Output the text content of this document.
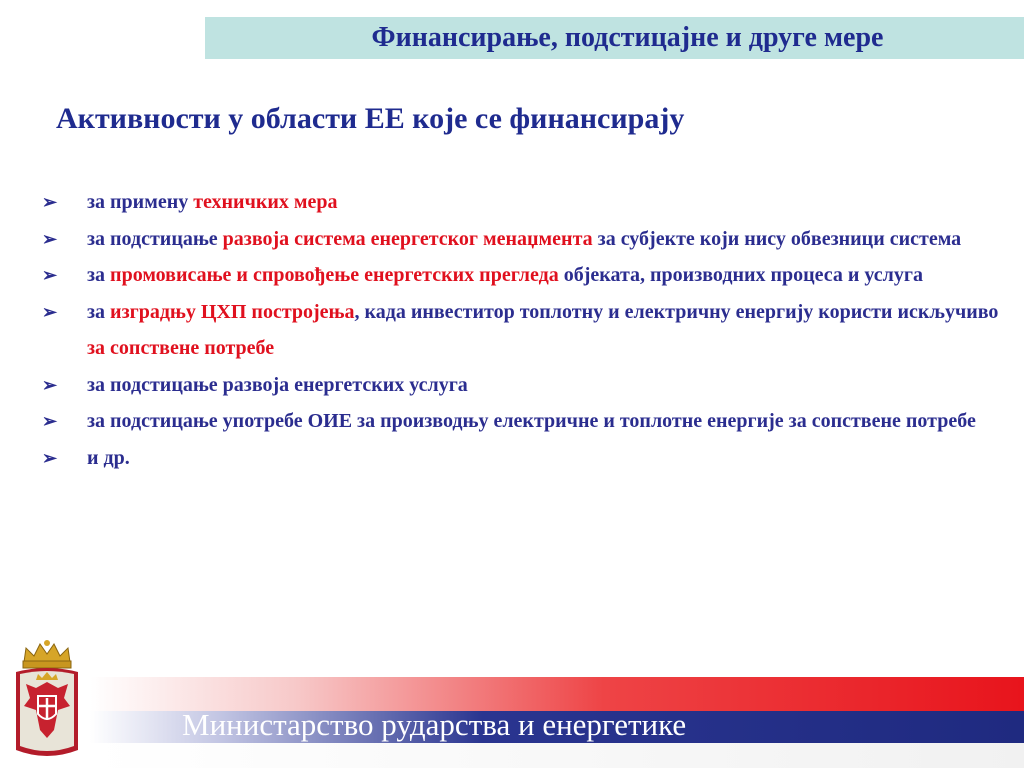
Финансирање, подстицајне и друге мере
Активности у области ЕЕ које се финансирају
➢	за примену техничких мера
➢	за подстицање развоја система енергетског менаџмента за субјекте који нису обвезници система
➢	за промовисање и спровођење енергетских прегледа објеката, производних процеса и услуга
➢	за изградњу ЦХП постројења, када инвеститор топлотну и електричну енергију користи искључиво за сопствене потребе
➢	за подстицање развоја енергетских услуга
➢	за подстицање употребе ОИЕ за производњу електричне и топлотне енергије за сопствене потребе
➢	и др.
Министарство рударства и енергетике
